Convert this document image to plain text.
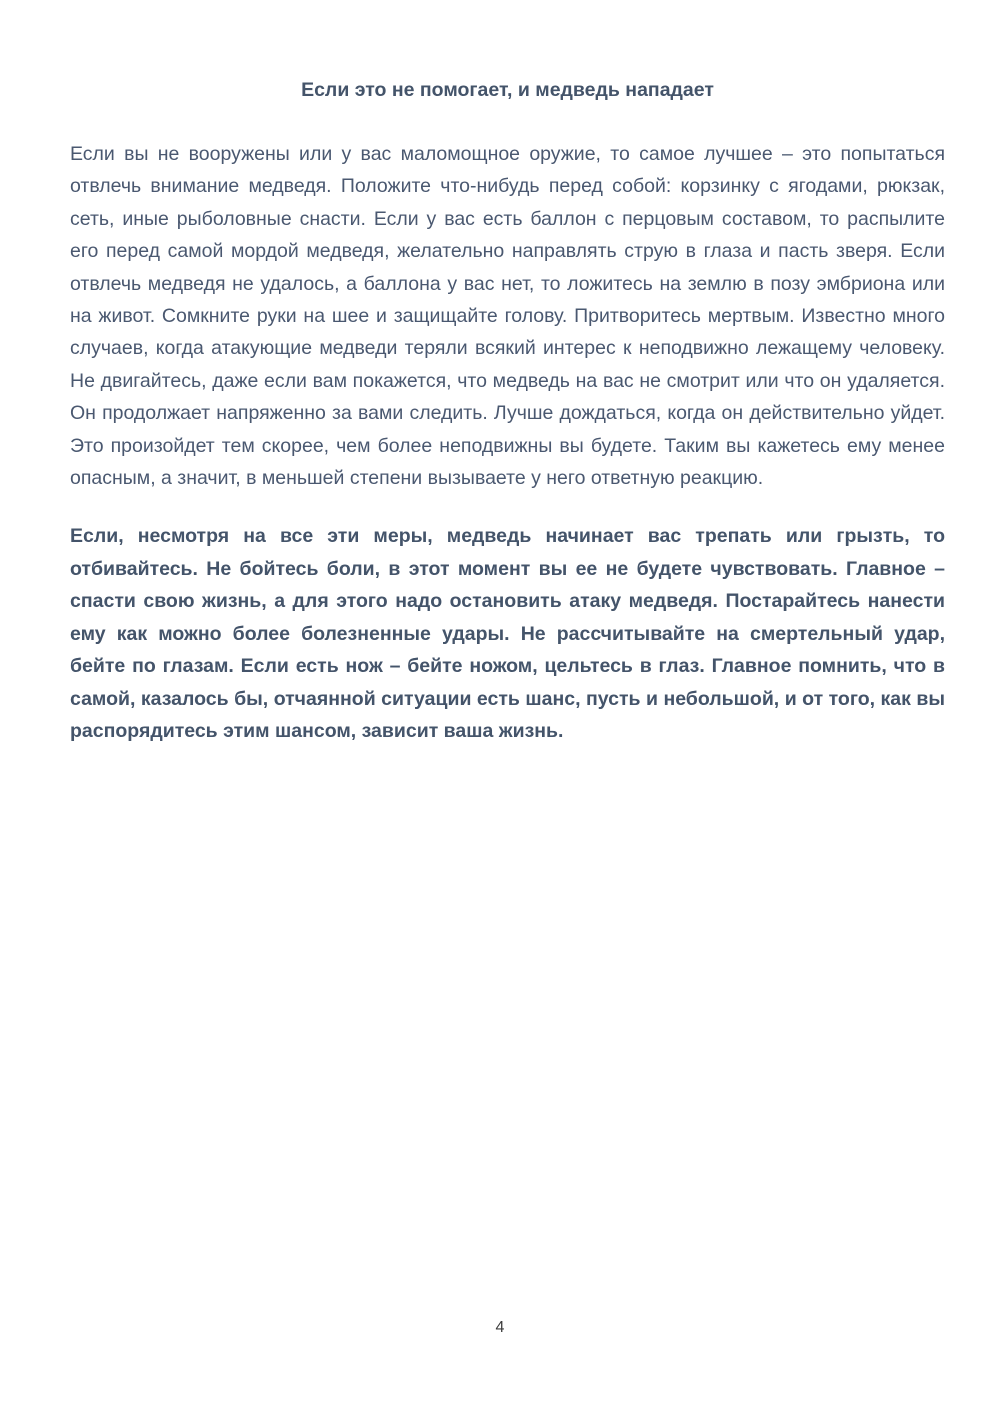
Если это не помогает, и медведь нападает

Если вы не вооружены или у вас маломощное оружие, то самое лучшее – это попытаться отвлечь внимание медведя. Положите что-нибудь перед собой: корзинку с ягодами, рюкзак, сеть, иные рыболовные снасти. Если у вас есть баллон с перцовым составом, то распылите его перед самой мордой медведя, желательно направлять струю в глаза и пасть зверя. Если отвлечь медведя не удалось, а баллона у вас нет, то ложитесь на землю в позу эмбриона или на живот. Сомкните руки на шее и защищайте голову. Притворитесь мертвым. Известно много случаев, когда атакующие медведи теряли всякий интерес к неподвижно лежащему человеку. Не двигайтесь, даже если вам покажется, что медведь на вас не смотрит или что он удаляется. Он продолжает напряженно за вами следить. Лучше дождаться, когда он действительно уйдет. Это произойдет тем скорее, чем более неподвижны вы будете. Таким вы кажетесь ему менее опасным, а значит, в меньшей степени вызываете у него ответную реакцию.

Если, несмотря на все эти меры, медведь начинает вас трепать или грызть, то отбивайтесь. Не бойтесь боли, в этот момент вы ее не будете чувствовать. Главное – спасти свою жизнь, а для этого надо остановить атаку медведя. Постарайтесь нанести ему как можно более болезненные удары. Не рассчитывайте на смертельный удар, бейте по глазам. Если есть нож – бейте ножом, цельтесь в глаз. Главное помнить, что в самой, казалось бы, отчаянной ситуации есть шанс, пусть и небольшой, и от того, как вы распорядитесь этим шансом, зависит ваша жизнь.

4
